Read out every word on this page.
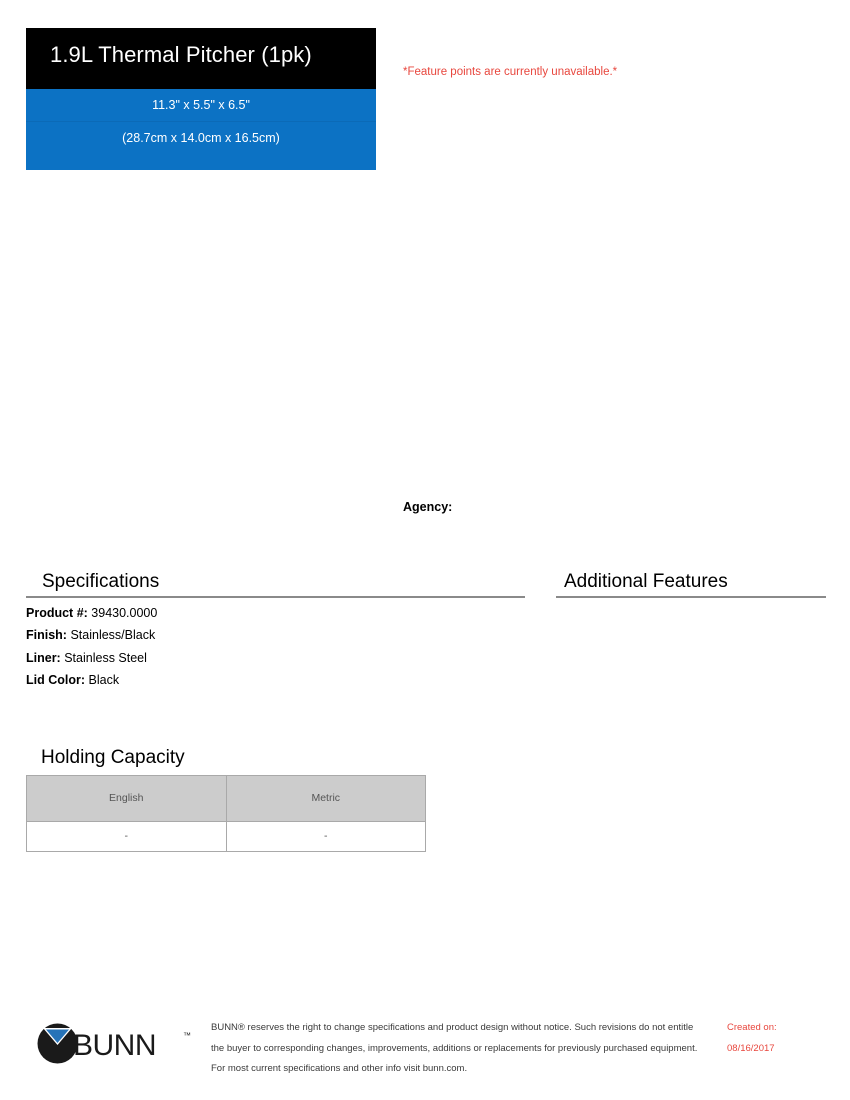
1.9L Thermal Pitcher (1pk)
11.3" x 5.5" x 6.5"
(28.7cm x 14.0cm x 16.5cm)
*Feature points are currently unavailable.*
Agency:
Specifications
Product #: 39430.0000
Finish: Stainless/Black
Liner: Stainless Steel
Lid Color: Black
Additional Features
Holding Capacity
English	Metric
-	-
BUNN	™
BUNN® reserves the right to change specifications and product design without notice. Such revisions do not entitle
the buyer to corresponding changes, improvements, additions or replacements for previously purchased equipment.
For most current specifications and other info visit bunn.com.
Created on:
08/16/2017
